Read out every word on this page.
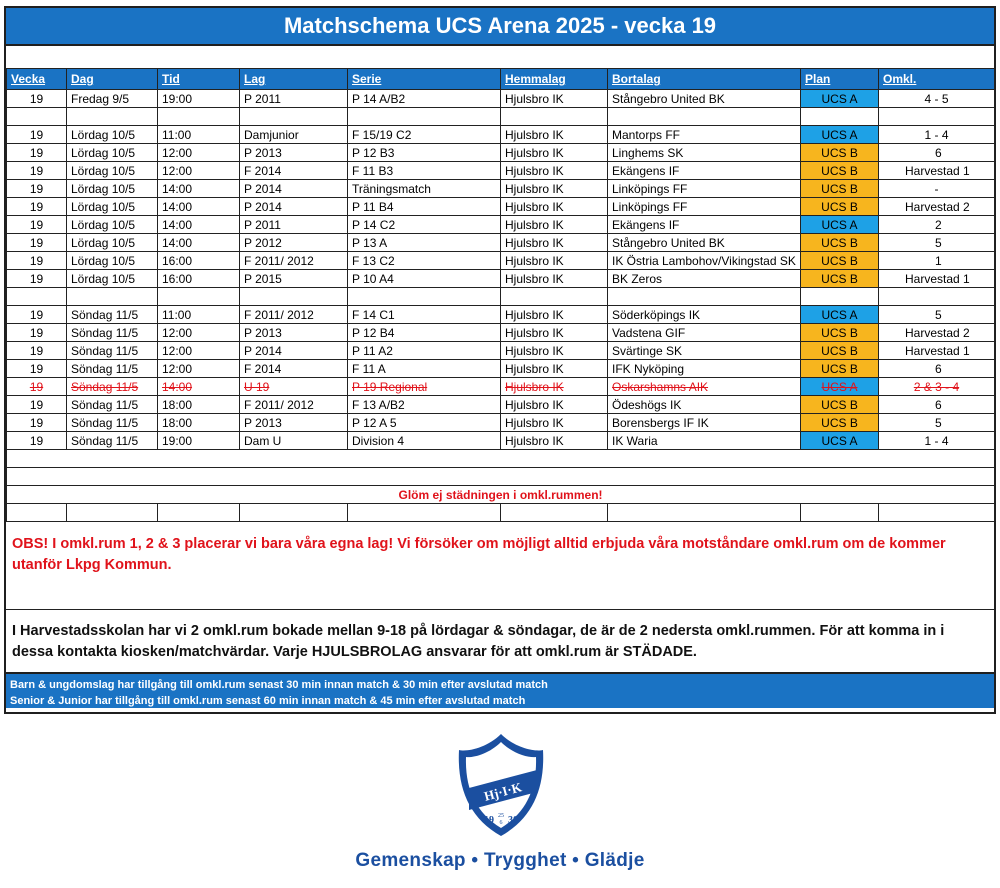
Matchschema UCS Arena 2025 - vecka 19
Vecka	Dag	Tid	Lag	Serie	Hemmalag	Bortalag	Plan	Omkl.
19	Fredag 9/5	19:00	P 2011	P 14 A/B2	Hjulsbro IK	Stångebro United BK	UCS A	4 - 5

19	Lördag 10/5	11:00	Damjunior	F 15/19 C2	Hjulsbro IK	Mantorps FF	UCS A	1 - 4
19	Lördag 10/5	12:00	P 2013	P 12 B3	Hjulsbro IK	Linghems SK	UCS B	6
19	Lördag 10/5	12:00	F 2014	F 11 B3	Hjulsbro IK	Ekängens IF	UCS B	Harvestad 1
19	Lördag 10/5	14:00	P 2014	Träningsmatch	Hjulsbro IK	Linköpings FF	UCS B	-
19	Lördag 10/5	14:00	P 2014	P 11 B4	Hjulsbro IK	Linköpings FF	UCS B	Harvestad 2
19	Lördag 10/5	14:00	P 2011	P 14 C2	Hjulsbro IK	Ekängens IF	UCS A	2
19	Lördag 10/5	14:00	P 2012	P 13 A	Hjulsbro IK	Stångebro United BK	UCS B	5
19	Lördag 10/5	16:00	F 2011/ 2012	F 13 C2	Hjulsbro IK	IK Östria Lambohov/Vikingstad SK	UCS B	1
19	Lördag 10/5	16:00	P 2015	P 10 A4	Hjulsbro IK	BK Zeros	UCS B	Harvestad 1

19	Söndag 11/5	11:00	F 2011/ 2012	F 14 C1	Hjulsbro IK	Söderköpings IK	UCS A	5
19	Söndag 11/5	12:00	P 2013	P 12 B4	Hjulsbro IK	Vadstena GIF	UCS B	Harvestad 2
19	Söndag 11/5	12:00	P 2014	P 11 A2	Hjulsbro IK	Svärtinge SK	UCS B	Harvestad 1
19	Söndag 11/5	12:00	F 2014	F 11 A	Hjulsbro IK	IFK Nyköping	UCS B	6
19	Söndag 11/5	14:00	U 19	P 19 Regional	Hjulsbro IK	Oskarshamns AIK	UCS A	2 & 3 - 4
19	Söndag 11/5	18:00	F 2011/ 2012	F 13 A/B2	Hjulsbro IK	Ödeshögs IK	UCS B	6
19	Söndag 11/5	18:00	P 2013	P 12 A 5	Hjulsbro IK	Borensbergs IF IK	UCS B	5
19	Söndag 11/5	19:00	Dam U	Division 4	Hjulsbro IK	IK Waria	UCS A	1 - 4

Glöm ej städningen i omkl.rummen!								

OBS! I omkl.rum 1, 2 & 3 placerar vi bara våra egna lag! Vi försöker om möjligt alltid erbjuda våra motståndare omkl.rum om de kommer utanför Lkpg Kommun.
I Harvestadsskolan har vi 2 omkl.rum bokade mellan 9-18 på lördagar & söndagar, de är de 2 nedersta omkl.rummen. För att komma in i dessa kontakta kiosken/matchvärdar. Varje HJULSBROLAG ansvarar för att omkl.rum är STÄDADE.
Barn & ungdomslag har tillgång till omkl.rum senast 30 min innan match & 30 min efter avslutad match
Senior & Junior har tillgång till omkl.rum senast 60 min innan match & 45 min efter avslutad match
Hj·I·K
19 25
6 30
Gemenskap • Trygghet • Glädje
